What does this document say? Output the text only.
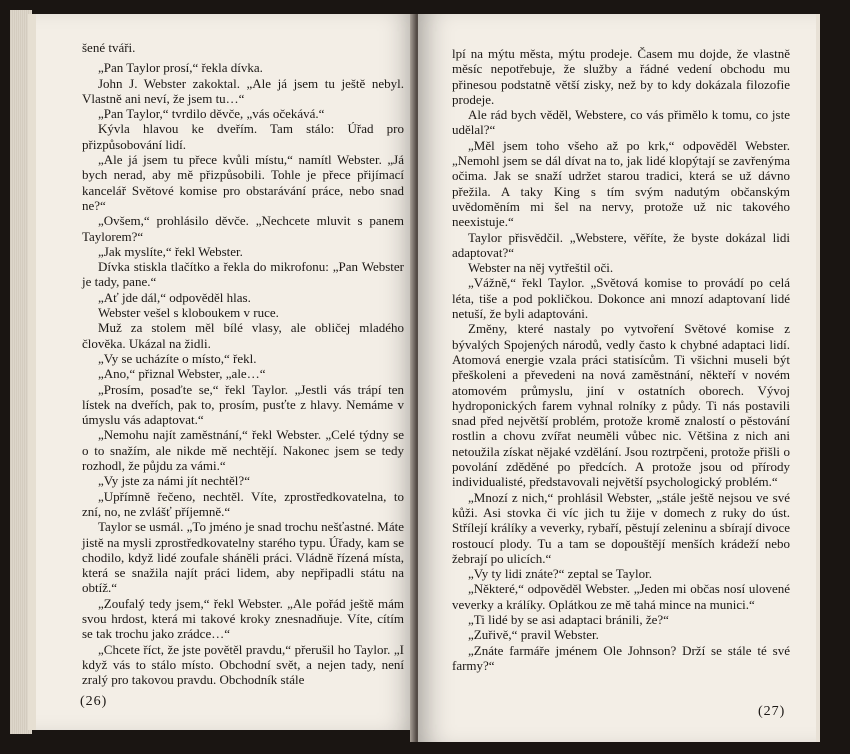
šené tváři.

„Pan Taylor prosí,“ řekla dívka.

John J. Webster zakoktal. „Ale já jsem tu ještě nebyl. Vlastně ani neví, že jsem tu…“

„Pan Taylor,“ tvrdilo děvče, „vás očekává.“

Kývla hlavou ke dveřím. Tam stálo: Úřad pro přizpůsobování lidí.

„Ale já jsem tu přece kvůli místu,“ namítl Webster. „Já bych nerad, aby mě přizpůsobili. Tohle je přece přijímací kancelář Světové komise pro obstarávání práce, nebo snad ne?“

„Ovšem,“ prohlásilo děvče. „Nechcete mluvit s panem Taylorem?“

„Jak myslíte,“ řekl Webster.

Dívka stiskla tlačítko a řekla do mikrofonu: „Pan Webster je tady, pane.“

„Ať jde dál,“ odpověděl hlas.

Webster vešel s kloboukem v ruce.

Muž za stolem měl bílé vlasy, ale obličej mladého člověka. Ukázal na židli.

„Vy se ucházíte o místo,“ řekl.

„Ano,“ přiznal Webster, „ale…“

„Prosím, posaďte se,“ řekl Taylor. „Jestli vás trápí ten lístek na dveřích, pak to, prosím, pusťte z hlavy. Nemáme v úmyslu vás adaptovat.“

„Nemohu najít zaměstnání,“ řekl Webster. „Celé týdny se o to snažím, ale nikde mě nechtějí. Nakonec jsem se tedy rozhodl, že půjdu za vámi.“

„Vy jste za námi jít nechtěl?“

„Upřímně řečeno, nechtěl. Víte, zprostředkovatelna, to zní, no, ne zvlášť příjemně.“

Taylor se usmál. „To jméno je snad trochu nešťastné. Máte jistě na mysli zprostředkovatelny starého typu. Úřady, kam se chodilo, když lidé zoufale sháněli práci. Vládně řízená místa, která se snažila najít práci lidem, aby nepřipadli státu na obtíž.“

„Zoufalý tedy jsem,“ řekl Webster. „Ale pořád ještě mám svou hrdost, která mi takové kroky znesnadňuje. Víte, cítím se tak trochu jako zrádce…“

„Chcete říct, že jste povětěl pravdu,“ přerušil ho Taylor. „I když vás to stálo místo. Obchodní svět, a nejen tady, není zralý pro takovou pravdu. Obchodník stále

(26)

lpí na mýtu města, mýtu prodeje. Časem mu dojde, že vlastně měsíc nepotřebuje, že služby a řádné vedení obchodu mu přinesou podstatně větší zisky, než by to kdy dokázala filozofie prodeje.

Ale rád bych věděl, Webstere, co vás přimělo k tomu, co jste udělal?“

„Měl jsem toho všeho až po krk,“ odpověděl Webster. „Nemohl jsem se dál dívat na to, jak lidé klopýtají se zavřenýma očima. Jak se snaží udržet starou tradici, která se už dávno přežila. A taky King s tím svým nadutým občanským uvědoměním mi šel na nervy, protože už nic takového neexistuje.“

Taylor přisvědčil. „Webstere, věříte, že byste dokázal lidi adaptovat?“

Webster na něj vytřeštil oči.

„Vážně,“ řekl Taylor. „Světová komise to provádí po celá léta, tiše a pod pokličkou. Dokonce ani mnozí adaptovaní lidé netuší, že byli adaptováni.

Změny, které nastaly po vytvoření Světové komise z bývalých Spojených národů, vedly často k chybné adaptaci lidí. Atomová energie vzala práci statisícům. Ti všichni museli být přeškoleni a převedeni na nová zaměstnání, někteří v novém atomovém průmyslu, jiní v ostatních oborech. Vývoj hydroponických farem vyhnal rolníky z půdy. Ti nás postavili snad před největší problém, protože kromě znalostí o pěstování rostlin a chovu zvířat neuměli vůbec nic. Většina z nich ani netoužila získat nějaké vzdělání. Jsou roztrpčeni, protože přišli o povolání zděděné po předcích. A protože jsou od přírody individualisté, představovali největší psychologický problém.“

„Mnozí z nich,“ prohlásil Webster, „stále ještě nejsou ve své kůži. Asi stovka či víc jich tu žije v domech z ruky do úst. Střílejí králíky a veverky, rybaří, pěstují zeleninu a sbírají divoce rostoucí plody. Tu a tam se dopouštějí menších krádeží nebo žebrají po ulicích.“

„Vy ty lidi znáte?“ zeptal se Taylor.

„Některé,“ odpověděl Webster. „Jeden mi občas nosí ulovené veverky a králíky. Oplátkou ze mě tahá mince na munici.“

„Ti lidé by se asi adaptaci bránili, že?“

„Zuřivě,“ pravil Webster.

„Znáte farmáře jménem Ole Johnson? Drží se stále té své farmy?“

(27)
